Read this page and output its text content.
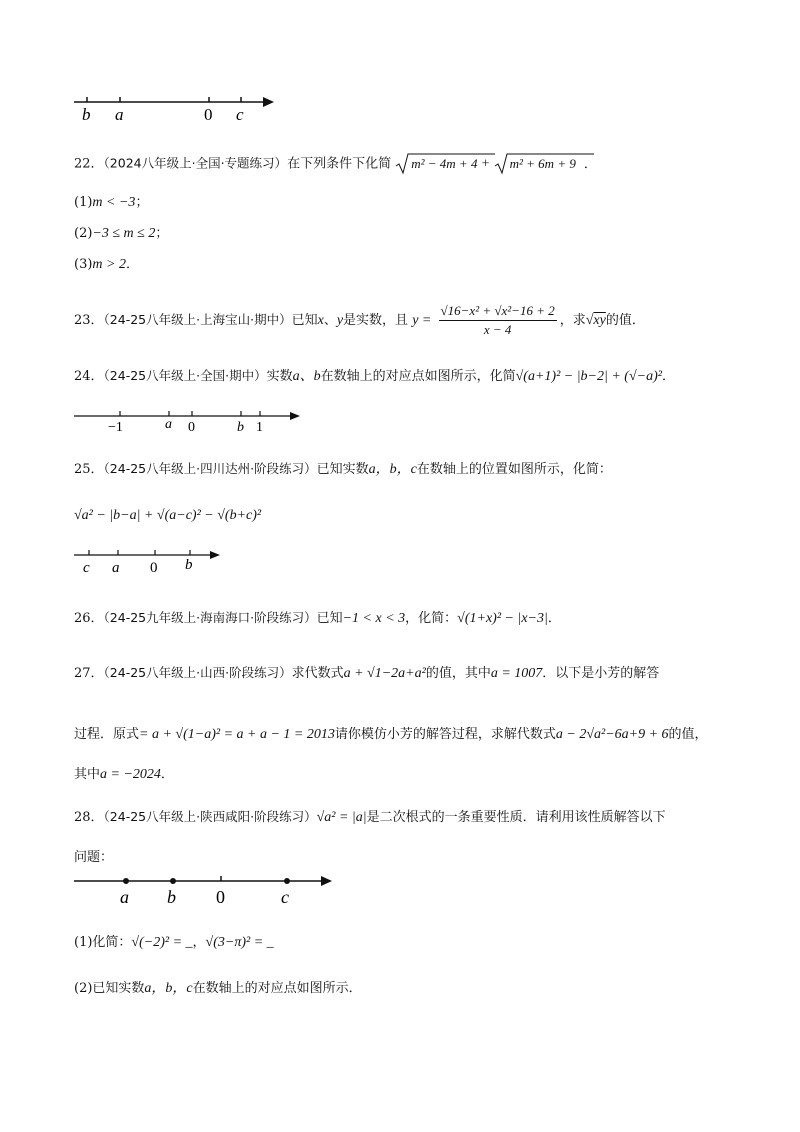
b a	0 c
22．（2024八年级上·全国·专题练习）在下列条件下化简 m² − 4m + 4 + m² + 6m + 9 ．
(1)m < −3；
(2)−3 ≤ m ≤ 2；
(3)m > 2．
23．（24-25八年级上·上海宝山·期中）已知x、y是实数，且 $y = \frac{\text{√16−x² + √x²−16 + 2}}{x - 4}$ ，求√xy的值．
24．（24-25八年级上·全国·期中）实数a、b在数轴上的对应点如图所示，化简√(a+1)² − |b−2| + (√−a)²．
−1	a 0	b 1
25．（24-25八年级上·四川达州·阶段练习）已知实数a，b，c在数轴上的位置如图所示，化简：
√a² − |b−a| + √(a−c)² − √(b+c)²
c a 0 b
26．（24-25九年级上·海南海口·阶段练习）已知−1 < x < 3，化简：√(1+x)² − |x−3|．
27．（24-25八年级上·山西·阶段练习）求代数式a + √1−2a+a²的值，其中a = 1007．以下是小芳的解答
过程．原式= a + √(1−a)² = a + a − 1 = 2013请你模仿小芳的解答过程，求解代数式a − 2√a²−6a+9 + 6的值，
其中a = −2024．
28．（24-25八年级上·陕西咸阳·阶段练习）√a² = |a|是二次根式的一条重要性质．请利用该性质解答以下
问题：
a b 0	c
(1)化简：√(−2)² = _，√(3−π)² = _
(2)已知实数a，b，c在数轴上的对应点如图所示．
